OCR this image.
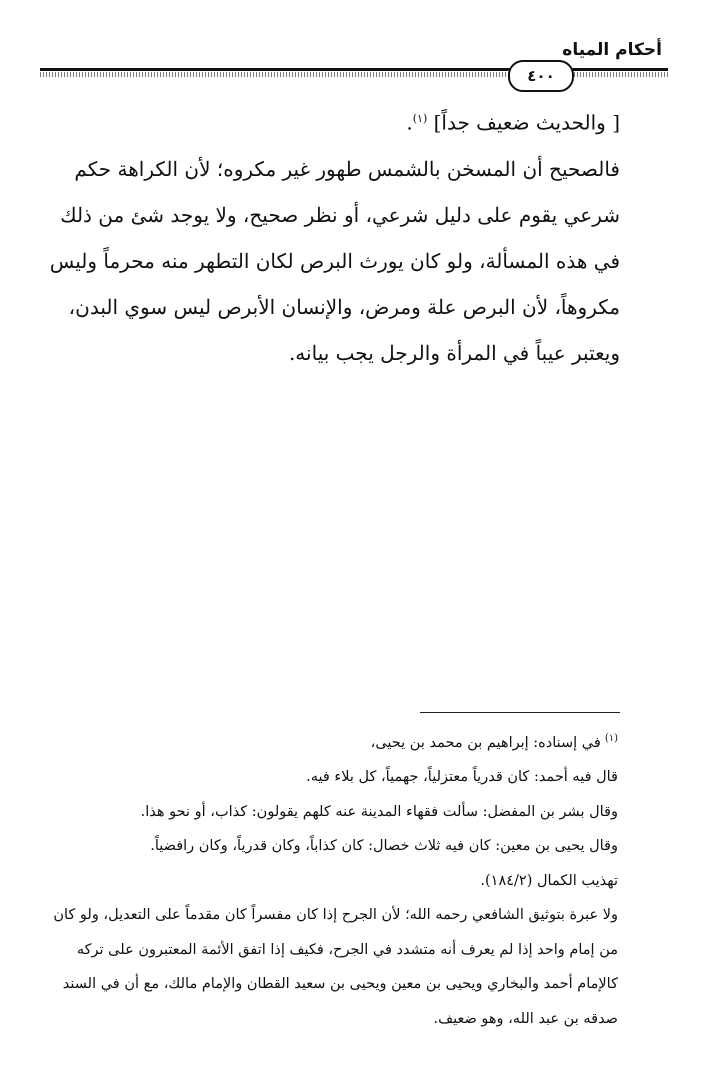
أحكام المياه
٤٠٠

[ والحديث ضعيف جداً] $^{(١)}$.

فالصحيح أن المسخن بالشمس طهور غير مكروه؛ لأن الكراهة حكم شرعي يقوم على دليل شرعي، أو نظر صحيح، ولا يوجد شئ من ذلك في هذه المسألة، ولو كان يورث البرص لكان التطهر منه محرماً وليس مكروهاً، لأن البرص علة ومرض، والإنسان الأبرص ليس سوي البدن، ويعتبر عيباً في المرأة والرجل يجب بيانه.

$^{(١)}$في إسناده: إبراهيم بن محمد بن يحيى،

قال فيه أحمد: كان قدرياً معتزلياً، جهمياً، كل بلاء فيه.

وقال بشر بن المفضل: سألت فقهاء المدينة عنه كلهم يقولون: كذاب، أو نحو هذا.

وقال يحيى بن معين: كان فيه ثلاث خصال: كان كذاباً، وكان قدرياً، وكان رافضياً.

تهذيب الكمال (١٨٤/٢).

ولا عبرة بتوثيق الشافعي رحمه الله؛ لأن الجرح إذا كان مفسراً كان مقدماً على التعديل، ولو كان من إمام واحد إذا لم يعرف أنه متشدد في الجرح، فكيف إذا اتفق الأئمة المعتبرون على تركه كالإمام أحمد والبخاري ويحيى بن معين ويحيى بن سعيد القطان والإمام مالك، مع أن في السند صدقه بن عبد الله، وهو ضعيف.
